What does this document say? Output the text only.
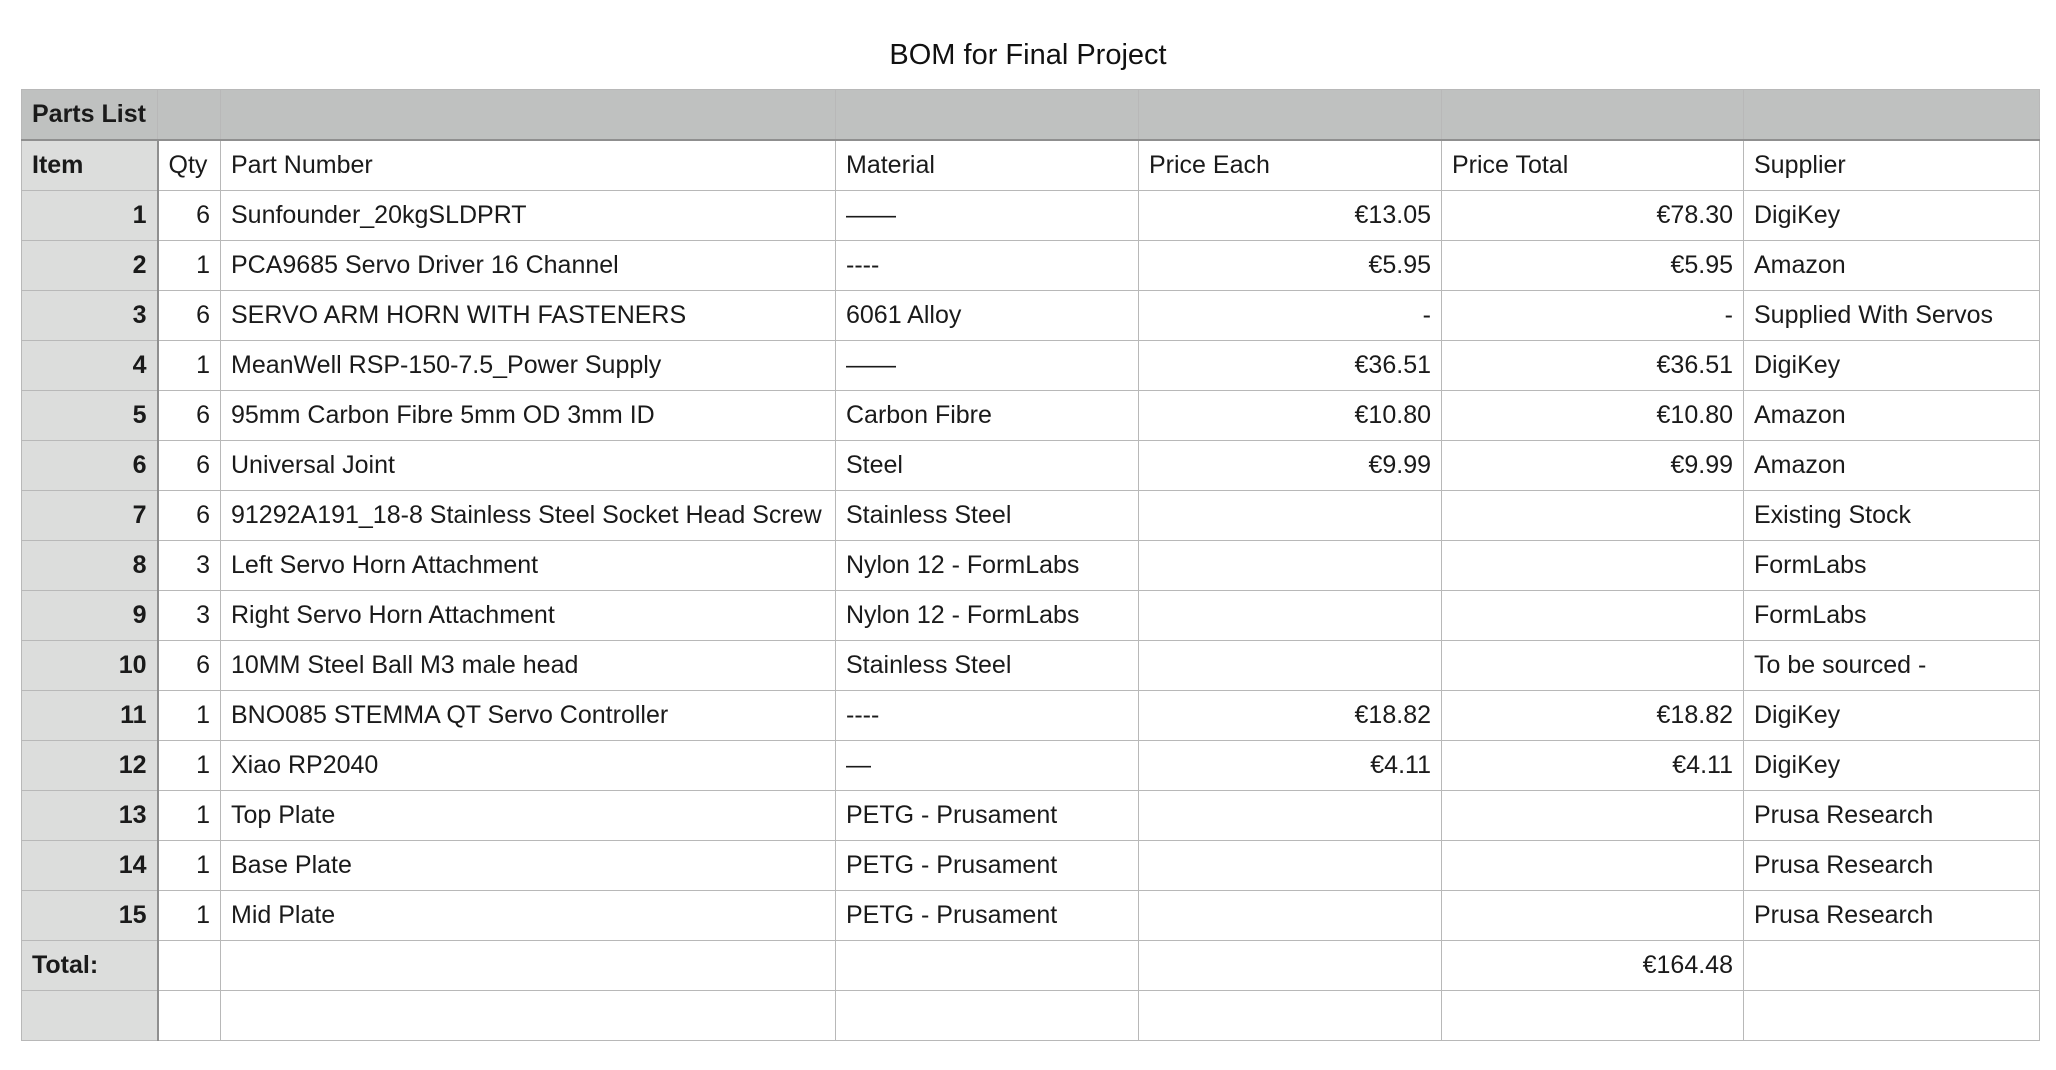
BOM for Final Project
Parts List						
Item	Qty	Part Number	Material	Price Each	Price Total	Supplier
1	6	Sunfounder_20kgSLDPRT	——	€13.05	€78.30	DigiKey
2	1	PCA9685 Servo Driver 16 Channel	----	€5.95	€5.95	Amazon
3	6	SERVO ARM HORN WITH FASTENERS	6061 Alloy	-	-	Supplied With Servos
4	1	MeanWell RSP-150-7.5_Power Supply	——	€36.51	€36.51	DigiKey
5	6	95mm Carbon Fibre 5mm OD 3mm ID	Carbon Fibre	€10.80	€10.80	Amazon
6	6	Universal Joint	Steel	€9.99	€9.99	Amazon
7	6	91292A191_18-8 Stainless Steel Socket Head Screw	Stainless Steel			Existing Stock
8	3	Left Servo Horn Attachment	Nylon 12 - FormLabs			FormLabs
9	3	Right Servo Horn Attachment	Nylon 12 - FormLabs			FormLabs
10	6	10MM Steel Ball M3 male head	Stainless Steel			To be sourced -
11	1	BNO085 STEMMA QT Servo Controller	----	€18.82	€18.82	DigiKey
12	1	Xiao RP2040	—	€4.11	€4.11	DigiKey
13	1	Top Plate	PETG - Prusament			Prusa Research
14	1	Base Plate	PETG - Prusament			Prusa Research
15	1	Mid Plate	PETG - Prusament			Prusa Research
Total:					€164.48	
